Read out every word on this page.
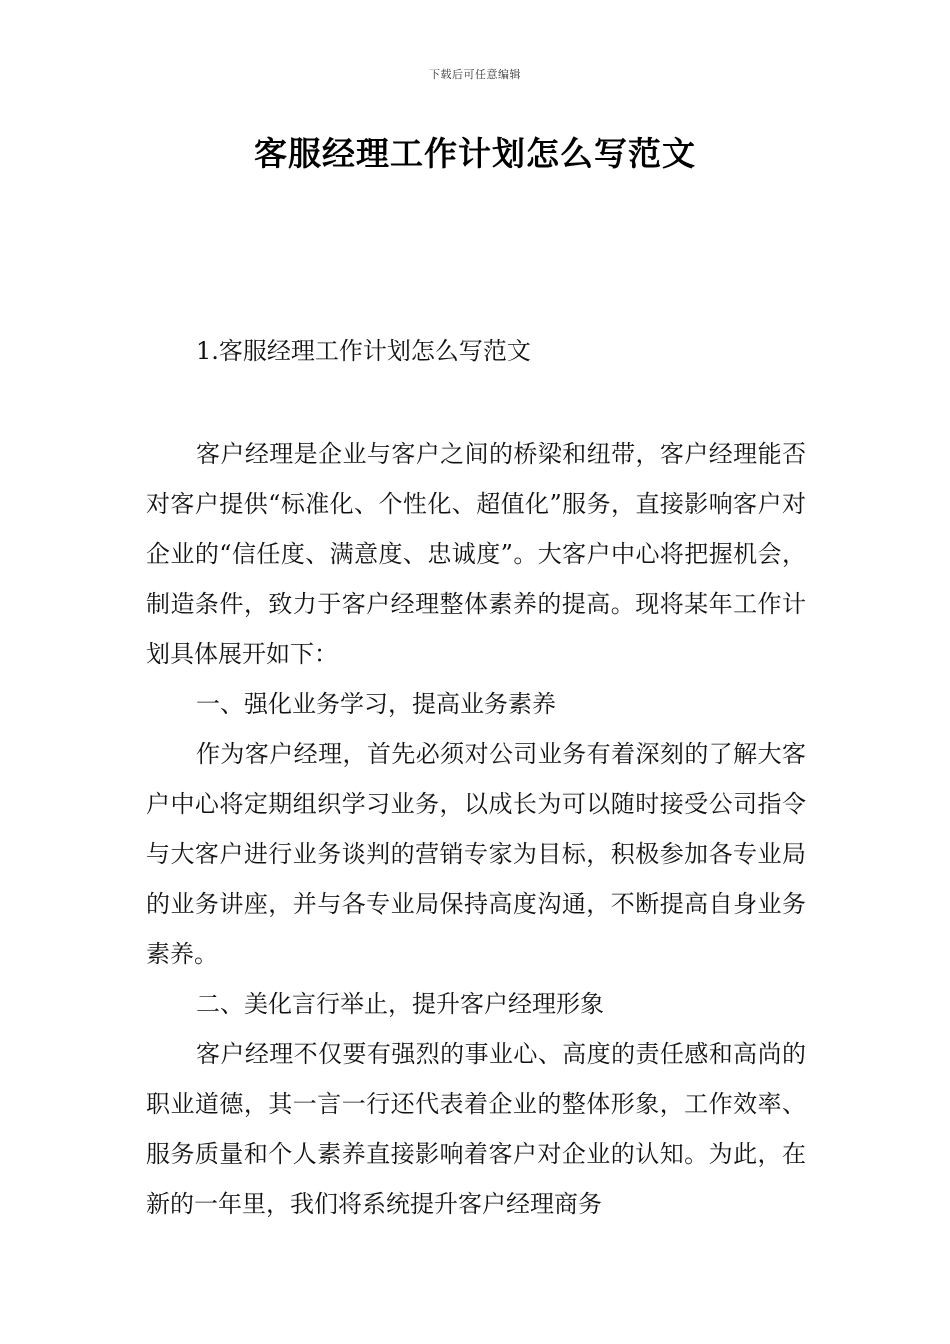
下载后可任意编辑
客服经理工作计划怎么写范文
1.客服经理工作计划怎么写范文

客户经理是企业与客户之间的桥梁和纽带，客户经理能否对客户提供“标准化、个性化、超值化”服务，直接影响客户对企业的“信任度、满意度、忠诚度”。大客户中心将把握机会，制造条件，致力于客户经理整体素养的提高。现将某年工作计划具体展开如下：

一、强化业务学习，提高业务素养

作为客户经理，首先必须对公司业务有着深刻的了解大客户中心将定期组织学习业务，以成长为可以随时接受公司指令与大客户进行业务谈判的营销专家为目标，积极参加各专业局的业务讲座，并与各专业局保持高度沟通，不断提高自身业务素养。

二、美化言行举止，提升客户经理形象

客户经理不仅要有强烈的事业心、高度的责任感和高尚的职业道德，其一言一行还代表着企业的整体形象，工作效率、服务质量和个人素养直接影响着客户对企业的认知。为此，在新的一年里，我们将系统提升客户经理商务
